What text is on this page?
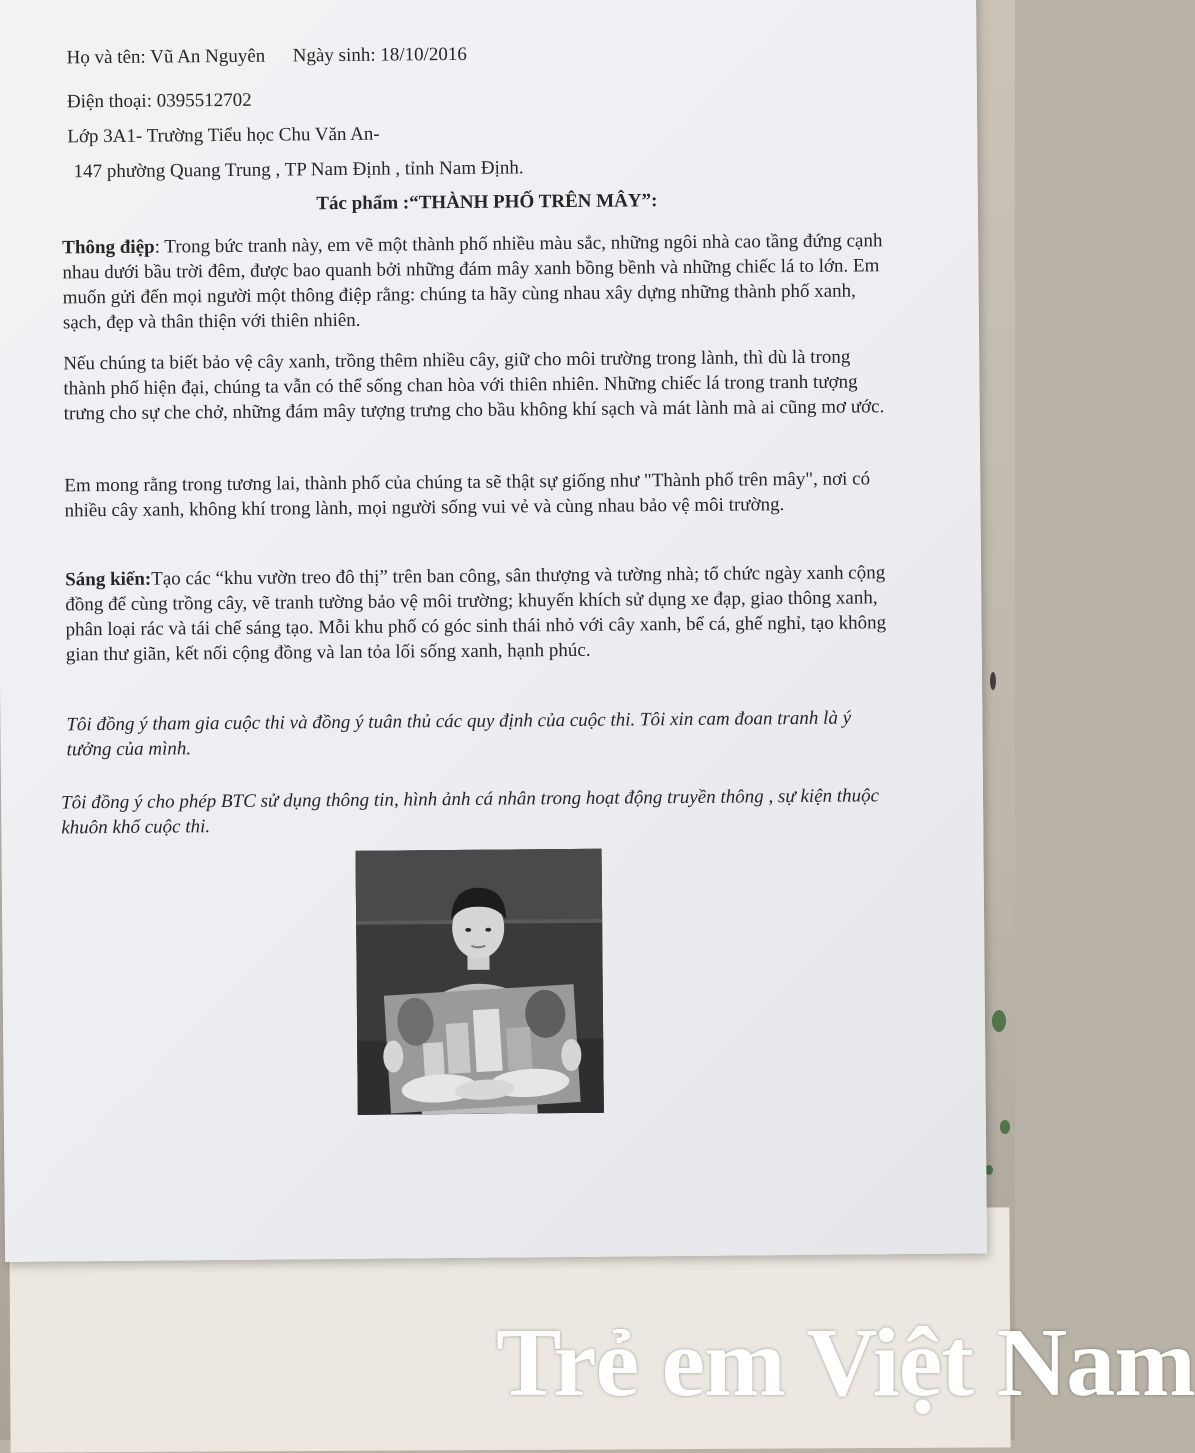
Họ và tên: Vũ An Nguyên Ngày sinh: 18/10/2016
Điện thoại: 0395512702
Lớp 3A1- Trường Tiểu học Chu Văn An-
147 phường Quang Trung , TP Nam Định , tỉnh Nam Định.
Tác phẩm :“THÀNH PHỐ TRÊN MÂY”:
Thông điệp: Trong bức tranh này, em vẽ một thành phố nhiều màu sắc, những ngôi nhà cao tầng đứng cạnh nhau dưới bầu trời đêm, được bao quanh bởi những đám mây xanh bồng bềnh và những chiếc lá to lớn. Em muốn gửi đến mọi người một thông điệp rằng: chúng ta hãy cùng nhau xây dựng những thành phố xanh, sạch, đẹp và thân thiện với thiên nhiên.
Nếu chúng ta biết bảo vệ cây xanh, trồng thêm nhiều cây, giữ cho môi trường trong lành, thì dù là trong thành phố hiện đại, chúng ta vẫn có thể sống chan hòa với thiên nhiên. Những chiếc lá trong tranh tượng trưng cho sự che chở, những đám mây tượng trưng cho bầu không khí sạch và mát lành mà ai cũng mơ ước.
Em mong rằng trong tương lai, thành phố của chúng ta sẽ thật sự giống như "Thành phố trên mây", nơi có nhiều cây xanh, không khí trong lành, mọi người sống vui vẻ và cùng nhau bảo vệ môi trường.
Sáng kiến:Tạo các “khu vườn treo đô thị” trên ban công, sân thượng và tường nhà; tổ chức ngày xanh cộng đồng để cùng trồng cây, vẽ tranh tường bảo vệ môi trường; khuyến khích sử dụng xe đạp, giao thông xanh, phân loại rác và tái chế sáng tạo. Mỗi khu phố có góc sinh thái nhỏ với cây xanh, bể cá, ghế nghỉ, tạo không gian thư giãn, kết nối cộng đồng và lan tỏa lối sống xanh, hạnh phúc.
Tôi đồng ý tham gia cuộc thi và đồng ý tuân thủ các quy định của cuộc thi. Tôi xin cam đoan tranh là ý tưởng của mình.
Tôi đồng ý cho phép BTC sử dụng thông tin, hình ảnh cá nhân trong hoạt động truyền thông , sự kiện thuộc khuôn khổ cuộc thi.
Trẻ em Việt Nam
